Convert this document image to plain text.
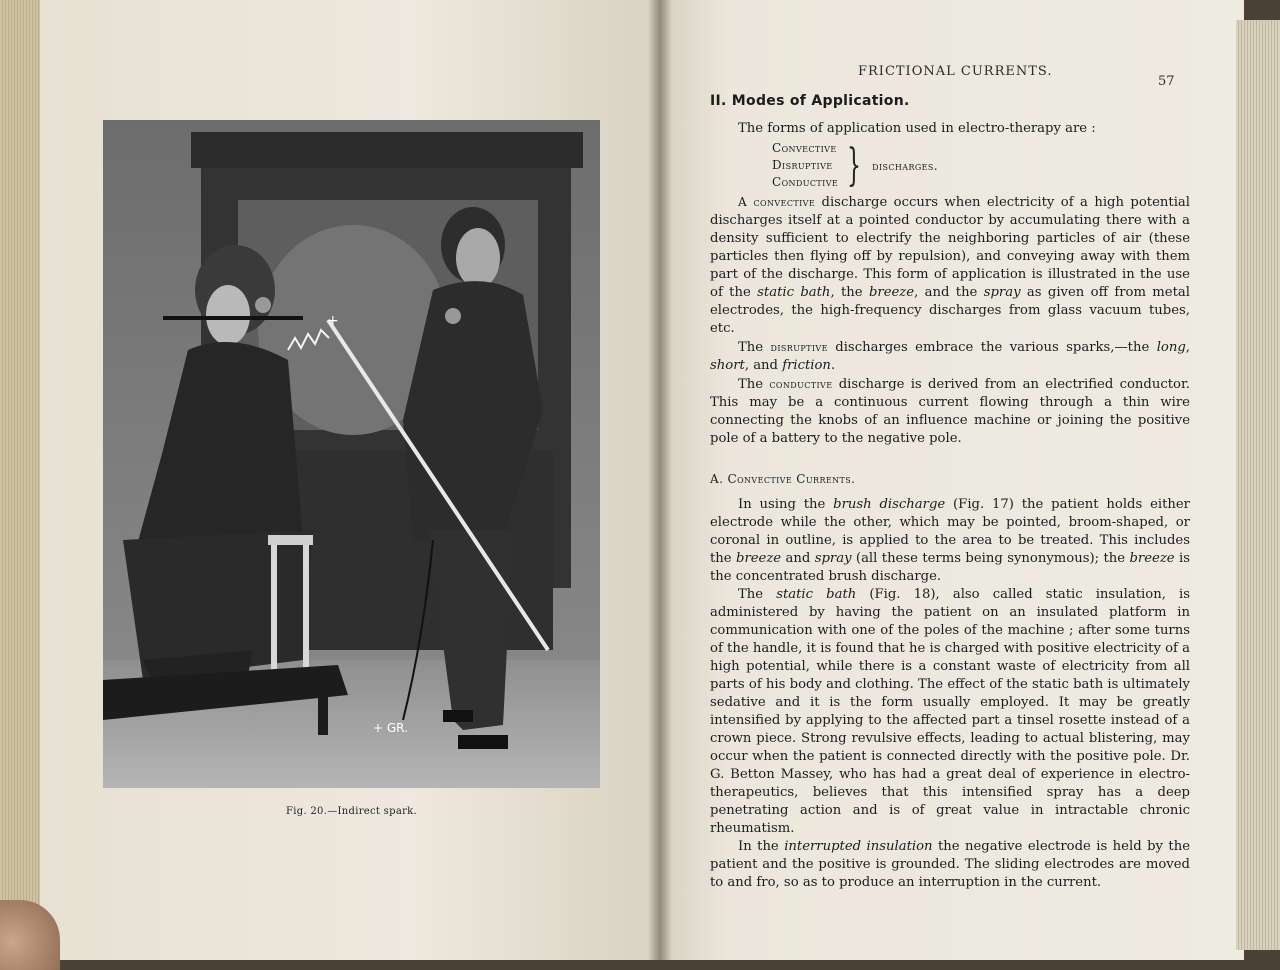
+
+ GR.
Fig. 20.—Indirect spark.
FRICTIONAL CURRENTS.
57
II. Modes of Application.

The forms of application used in electro-therapy are :

Convective
Disruptive
Conductive } discharges.

A convective discharge occurs when electricity of a high potential discharges itself at a pointed conductor by accumulating there with a density sufficient to electrify the neighboring particles of air (these particles then flying off by repulsion), and conveying away with them part of the discharge. This form of application is illustrated in the use of the static bath, the breeze, and the spray as given off from metal electrodes, the high-frequency discharges from glass vacuum tubes, etc.

The disruptive discharges embrace the various sparks,—the long, short, and friction.

The conductive discharge is derived from an electrified conductor. This may be a continuous current flowing through a thin wire connecting the knobs of an influence machine or joining the positive pole of a battery to the negative pole.

A. Convective Currents.

In using the brush discharge (Fig. 17) the patient holds either electrode while the other, which may be pointed, broom-shaped, or coronal in outline, is applied to the area to be treated. This includes the breeze and spray (all these terms being synonymous); the breeze is the concentrated brush discharge.

The static bath (Fig. 18), also called static insulation, is administered by having the patient on an insulated platform in communication with one of the poles of the machine ; after some turns of the handle, it is found that he is charged with positive electricity of a high potential, while there is a constant waste of electricity from all parts of his body and clothing. The effect of the static bath is ultimately sedative and it is the form usually employed. It may be greatly intensified by applying to the affected part a tinsel rosette instead of a crown piece. Strong revulsive effects, leading to actual blistering, may occur when the patient is connected directly with the positive pole. Dr. G. Betton Massey, who has had a great deal of experience in electro-therapeutics, believes that this intensified spray has a deep penetrating action and is of great value in intractable chronic rheumatism.

In the interrupted insulation the negative electrode is held by the patient and the positive is grounded. The sliding electrodes are moved to and fro, so as to produce an interruption in the current.
